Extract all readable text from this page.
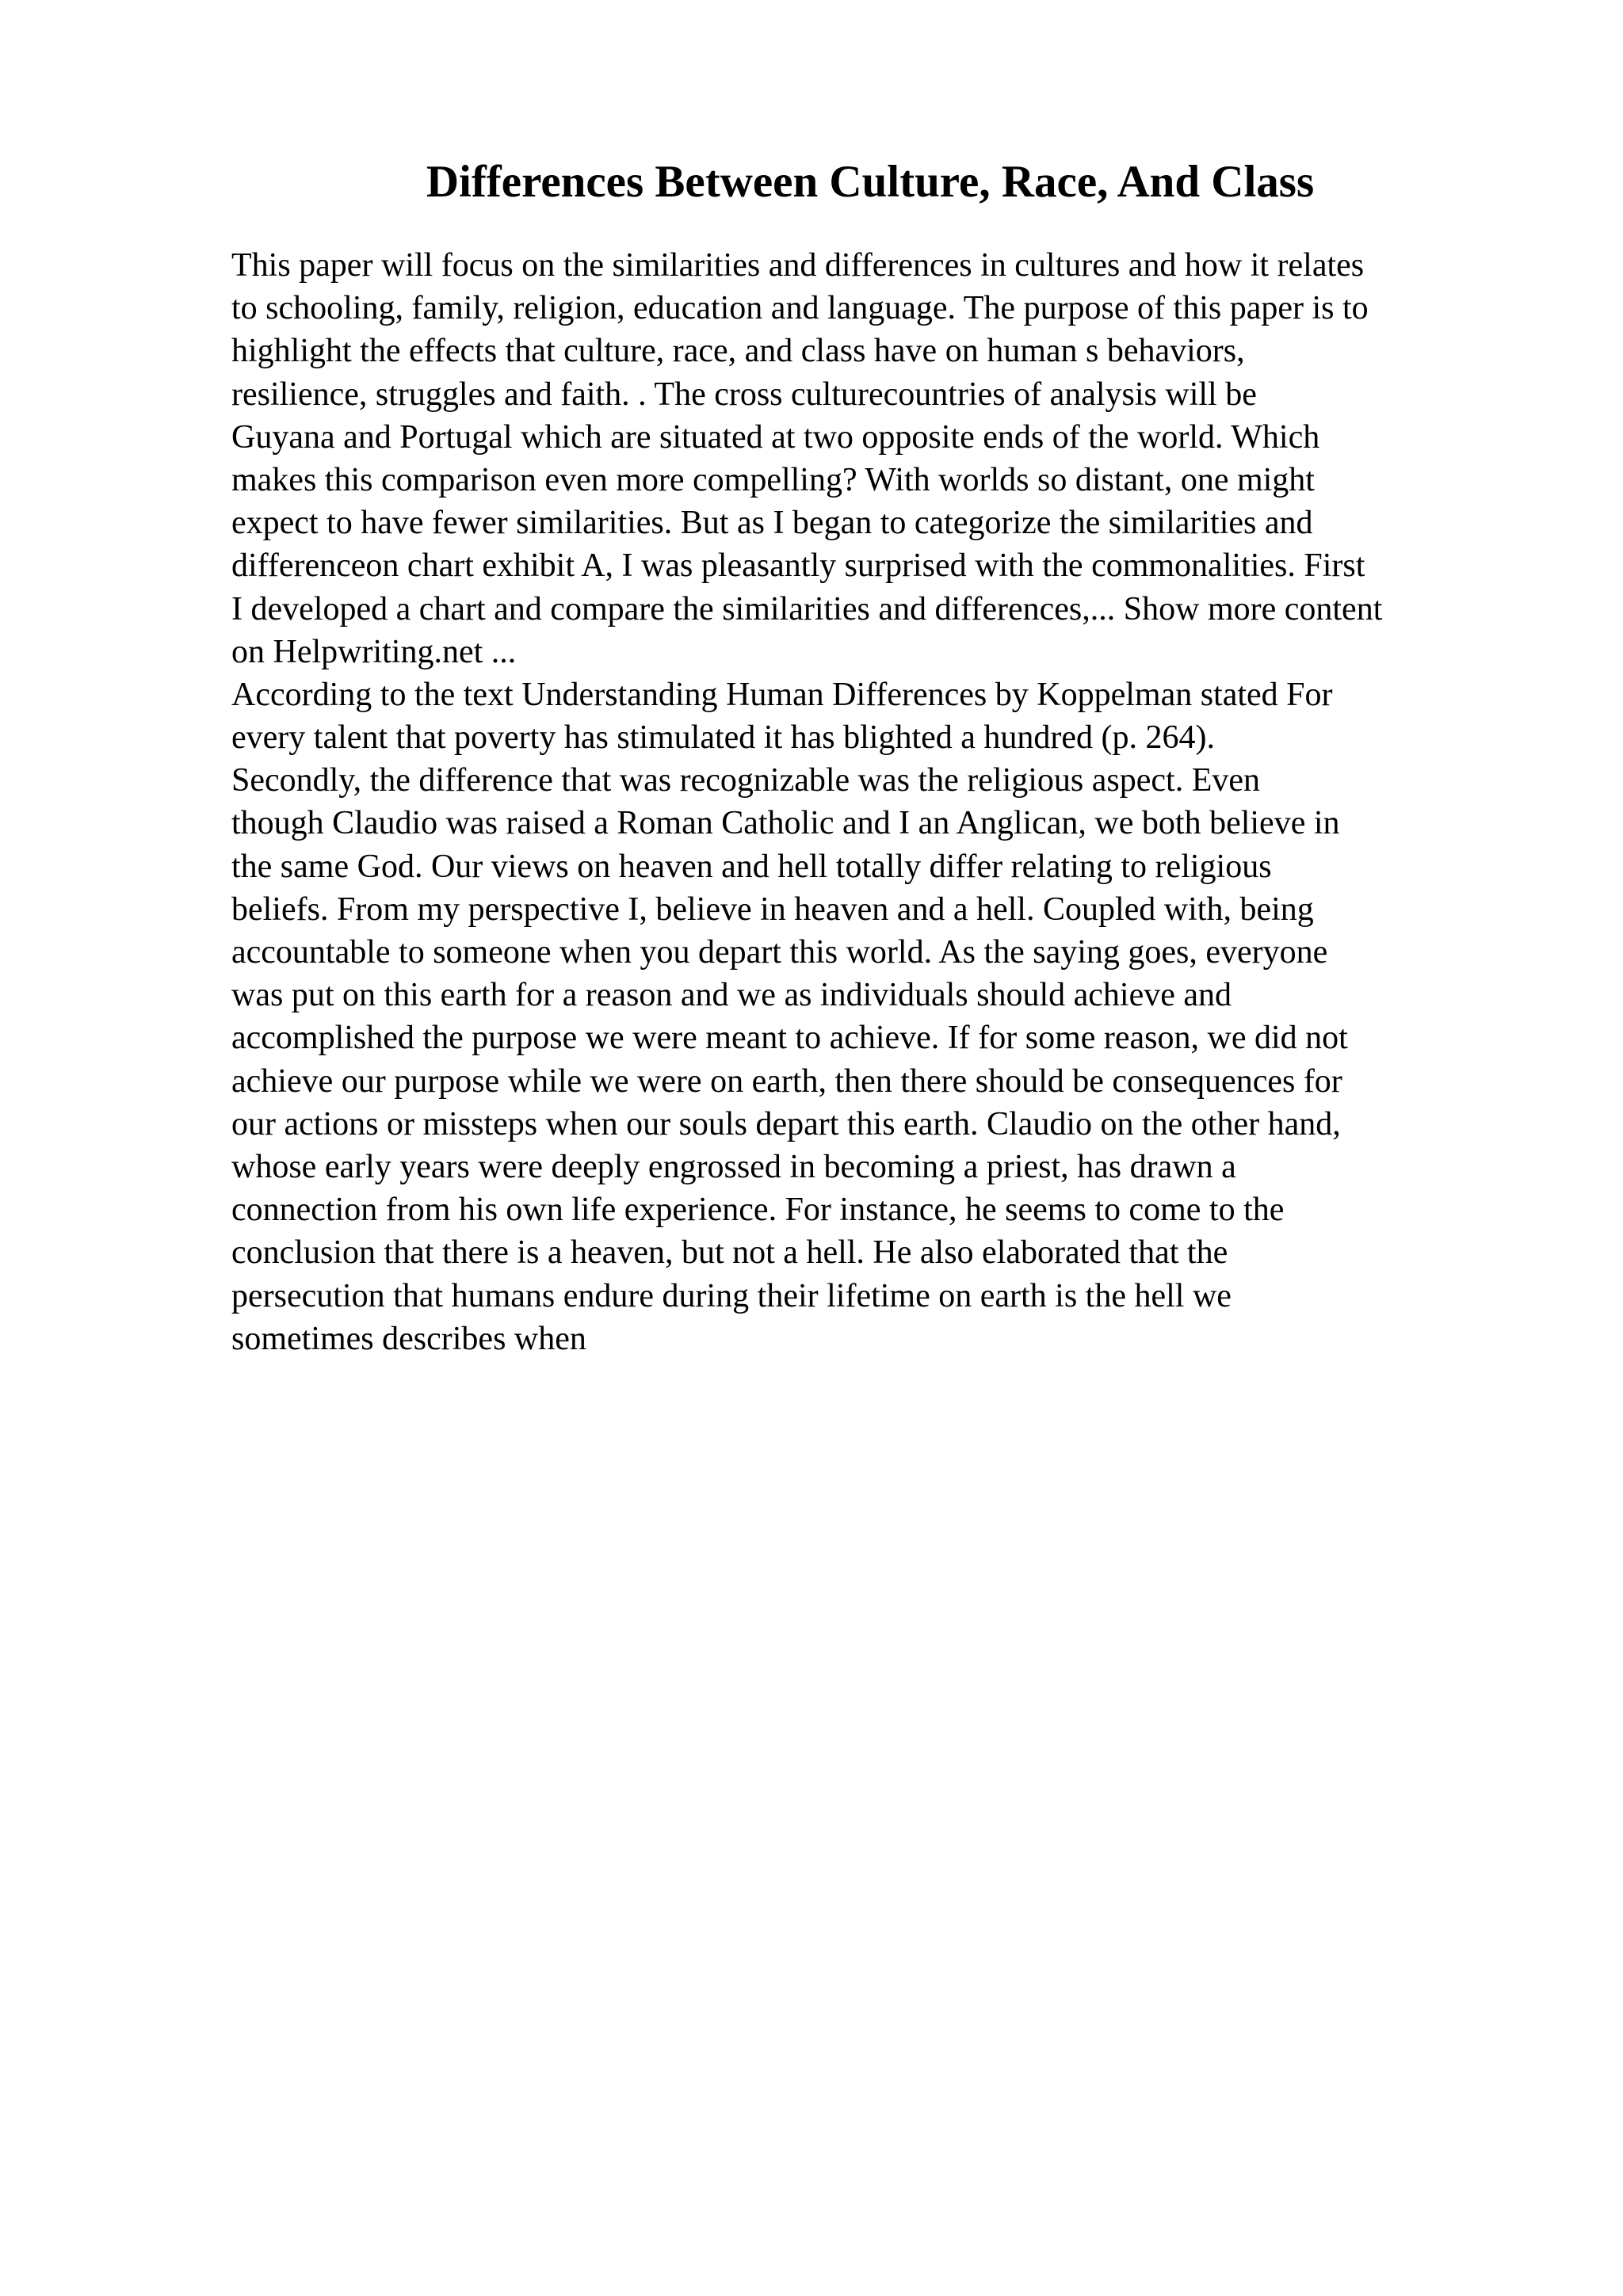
Differences Between Culture, Race, And Class
This paper will focus on the similarities and differences in cultures and how it relates
to schooling, family, religion, education and language. The purpose of this paper is to
highlight the effects that culture, race, and class have on human s behaviors,
resilience, struggles and faith. . The cross culturecountries of analysis will be
Guyana and Portugal which are situated at two opposite ends of the world. Which
makes this comparison even more compelling? With worlds so distant, one might
expect to have fewer similarities. But as I began to categorize the similarities and
differenceon chart exhibit A, I was pleasantly surprised with the commonalities. First
I developed a chart and compare the similarities and differences,... Show more content
on Helpwriting.net ...
According to the text Understanding Human Differences by Koppelman stated For
every talent that poverty has stimulated it has blighted a hundred (p. 264).
Secondly, the difference that was recognizable was the religious aspect. Even
though Claudio was raised a Roman Catholic and I an Anglican, we both believe in
the same God. Our views on heaven and hell totally differ relating to religious
beliefs. From my perspective I, believe in heaven and a hell. Coupled with, being
accountable to someone when you depart this world. As the saying goes, everyone
was put on this earth for a reason and we as individuals should achieve and
accomplished the purpose we were meant to achieve. If for some reason, we did not
achieve our purpose while we were on earth, then there should be consequences for
our actions or missteps when our souls depart this earth. Claudio on the other hand,
whose early years were deeply engrossed in becoming a priest, has drawn a
connection from his own life experience. For instance, he seems to come to the
conclusion that there is a heaven, but not a hell. He also elaborated that the
persecution that humans endure during their lifetime on earth is the hell we
sometimes describes when
